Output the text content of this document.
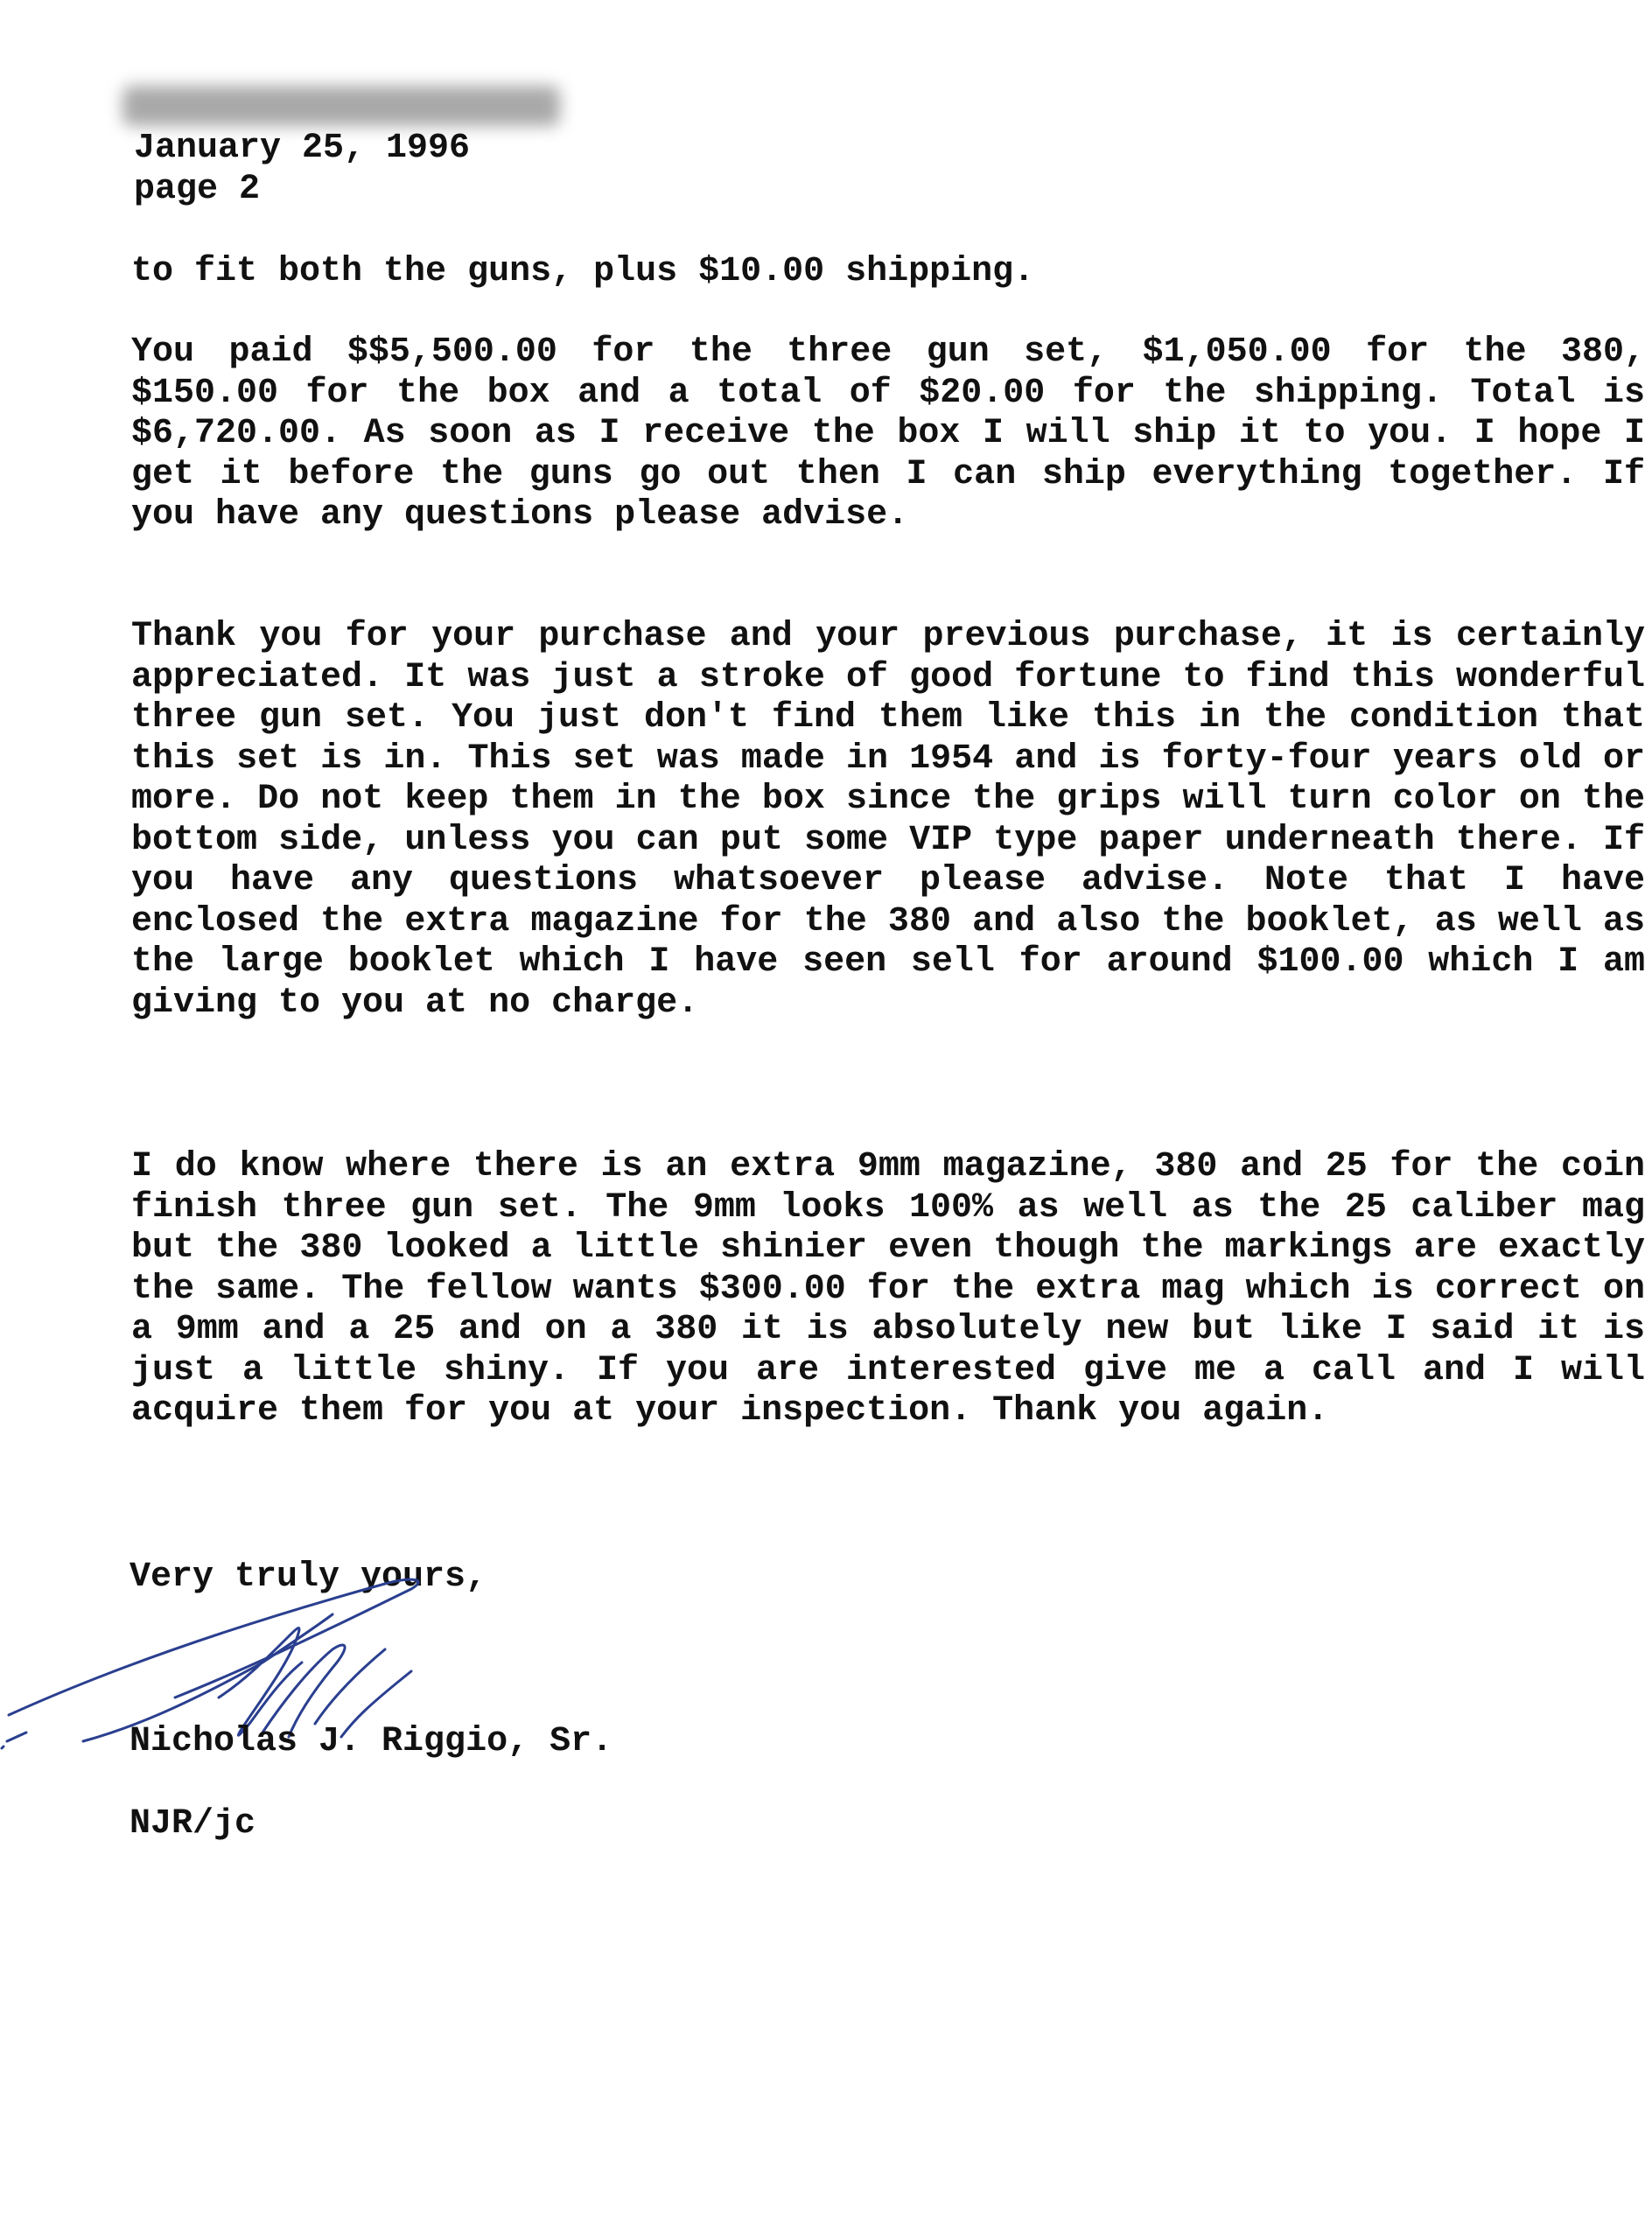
January 25, 1996
page 2
to fit both the guns, plus $10.00 shipping.
You paid $$5,500.00 for the three gun set, $1,050.00 for the 380, $150.00 for the box and a total of $20.00 for the shipping. Total is $6,720.00. As soon as I receive the box I will ship it to you. I hope I get it before the guns go out then I can ship everything together. If you have any questions please advise.
Thank you for your purchase and your previous purchase, it is certainly appreciated. It was just a stroke of good fortune to find this wonderful three gun set. You just don't find them like this in the condition that this set is in. This set was made in 1954 and is forty-four years old or more. Do not keep them in the box since the grips will turn color on the bottom side, unless you can put some VIP type paper underneath there. If you have any questions whatsoever please advise. Note that I have enclosed the extra magazine for the 380 and also the booklet, as well as the large booklet which I have seen sell for around $100.00 which I am giving to you at no charge.
I do know where there is an extra 9mm magazine, 380 and 25 for the coin finish three gun set. The 9mm looks 100% as well as the 25 caliber mag but the 380 looked a little shinier even though the markings are exactly the same. The fellow wants $300.00 for the extra mag which is correct on a 9mm and a 25 and on a 380 it is absolutely new but like I said it is just a little shiny. If you are interested give me a call and I will acquire them for you at your inspection. Thank you again.
Very truly yours,
Nicholas J. Riggio, Sr.
NJR/jc
